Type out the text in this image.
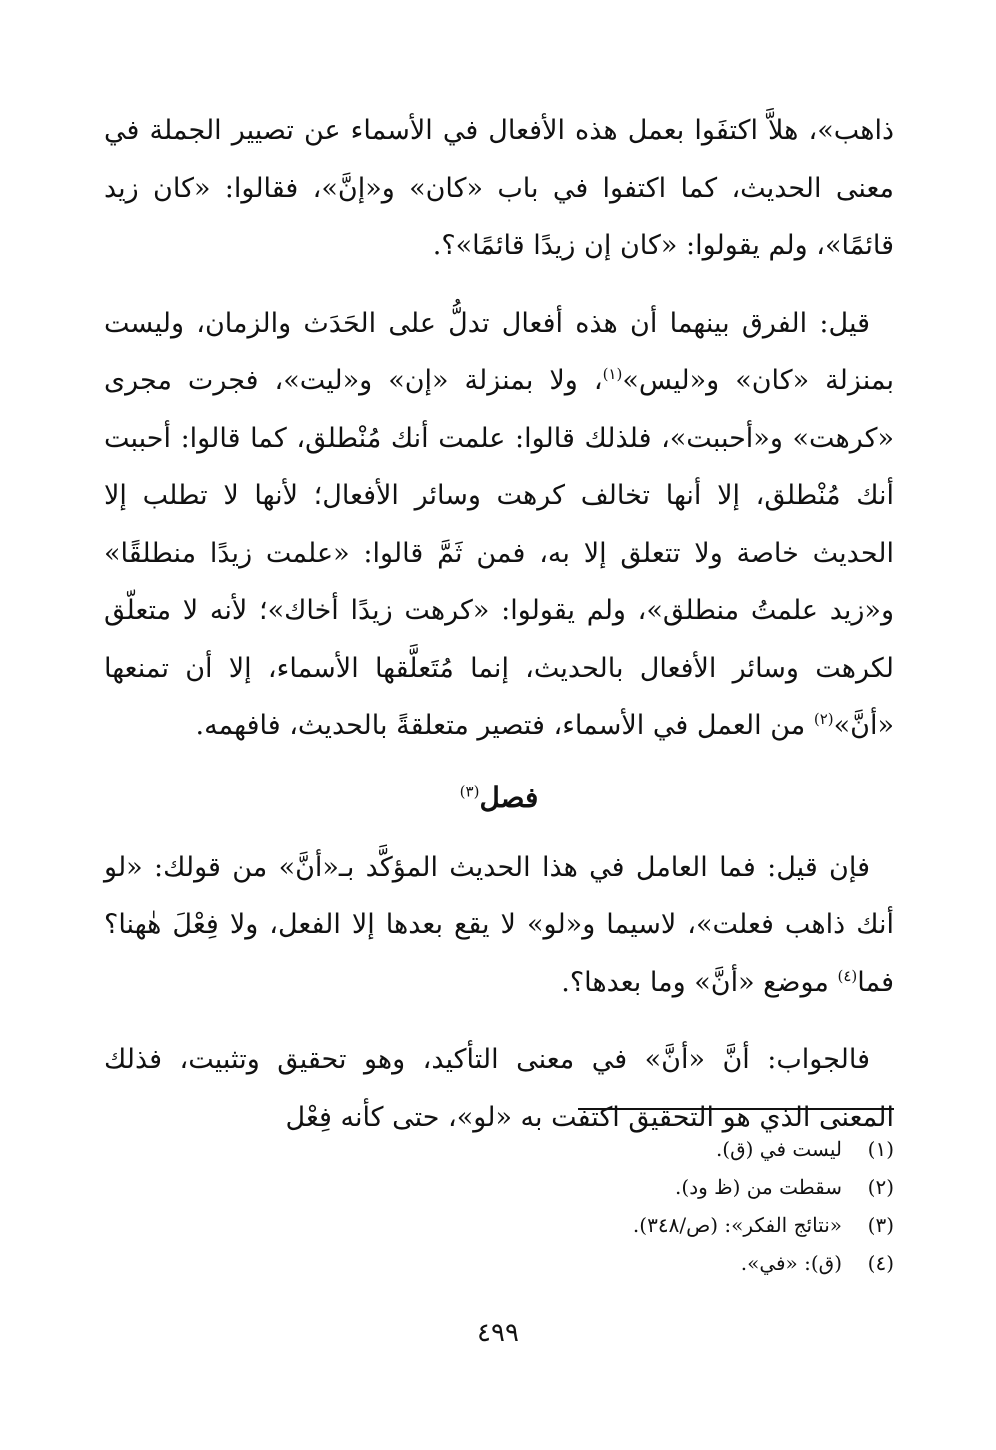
ذاهب»، هلاَّ اكتفَوا بعمل هذه الأفعال في الأسماء عن تصيير الجملة في معنى الحديث، كما اكتفوا في باب «كان» و«إنَّ»، فقالوا: «كان زيد قائمًا»، ولم يقولوا: «كان إن زيدًا قائمًا»؟.

قيل: الفرق بينهما أن هذه أفعال تدلُّ على الحَدَث والزمان، وليست بمنزلة «كان» و«ليس»$^{(١)}$، ولا بمنزلة «إن» و«ليت»، فجرت مجرى «كرهت» و«أحببت»، فلذلك قالوا: علمت أنك مُنْطلق، كما قالوا: أحببت أنك مُنْطلق، إلا أنها تخالف كرهت وسائر الأفعال؛ لأنها لا تطلب إلا الحديث خاصة ولا تتعلق إلا به، فمن ثَمَّ قالوا: «علمت زيدًا منطلقًا» و«زيد علمتُ منطلق»، ولم يقولوا: «كرهت زيدًا أخاك»؛ لأنه لا متعلّق لكرهت وسائر الأفعال بالحديث، إنما مُتَعلَّقها الأسماء، إلا أن تمنعها «أنَّ»$^{(٢)}$ من العمل في الأسماء، فتصير متعلقةً بالحديث، فافهمه.

فصل$^{(٣)}$

فإن قيل: فما العامل في هذا الحديث المؤكَّد بـ«أنَّ» من قولك: «لو أنك ذاهب فعلت»، لاسيما و«لو» لا يقع بعدها إلا الفعل، ولا فِعْلَ هٰهنا؟ فما$^{(٤)}$ موضع «أنَّ» وما بعدها؟.

فالجواب: أنَّ «أنَّ» في معنى التأكيد، وهو تحقيق وتثبيت، فذلك المعنى الذي هو التحقيق اكتفت به «لو»، حتى كأنه فِعْل

(١)
ليست في (ق).
(٢)
سقطت من (ظ ود).
(٣)
«نتائج الفكر»: (ص/٣٤٨).
(٤)
(ق): «في».
٤٩٩
